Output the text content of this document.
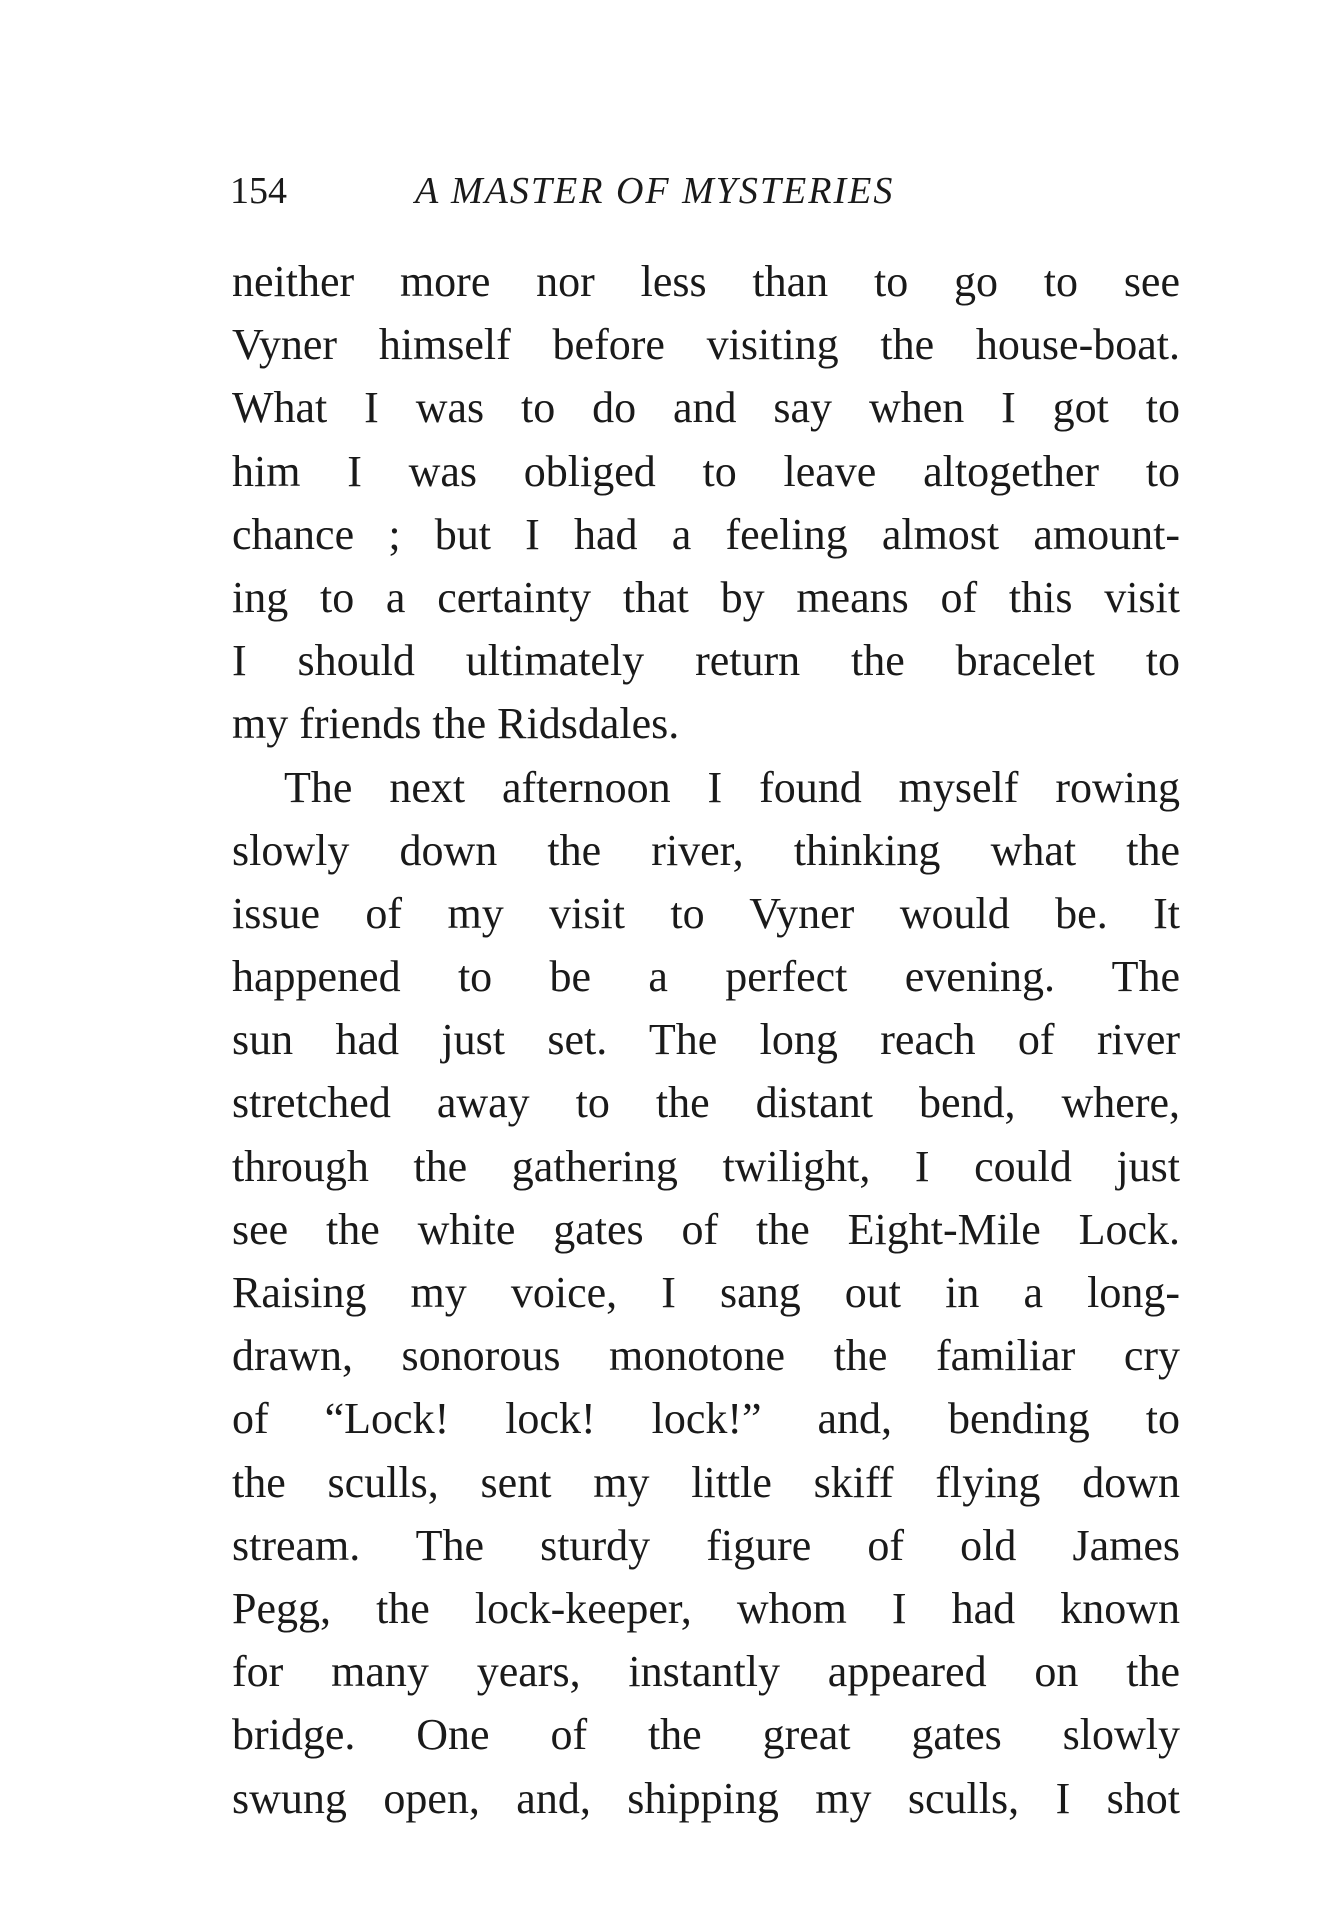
154	A MASTER OF MYSTERIES
neither more nor less than to go to see
Vyner himself before visiting the house-boat.
What I was to do and say when I got to
him I was obliged to leave altogether to
chance ; but I had a feeling almost amount-
ing to a certainty that by means of this visit
I should ultimately return the bracelet to
my friends the Ridsdales.
The next afternoon I found myself rowing
slowly down the river, thinking what the
issue of my visit to Vyner would be. It
happened to be a perfect evening. The
sun had just set. The long reach of river
stretched away to the distant bend, where,
through the gathering twilight, I could just
see the white gates of the Eight-Mile Lock.
Raising my voice, I sang out in a long-
drawn, sonorous monotone the familiar cry
of “Lock! lock! lock!” and, bending to
the sculls, sent my little skiff flying down
stream. The sturdy figure of old James
Pegg, the lock-keeper, whom I had known
for many years, instantly appeared on the
bridge. One of the great gates slowly
swung open, and, shipping my sculls, I shot
